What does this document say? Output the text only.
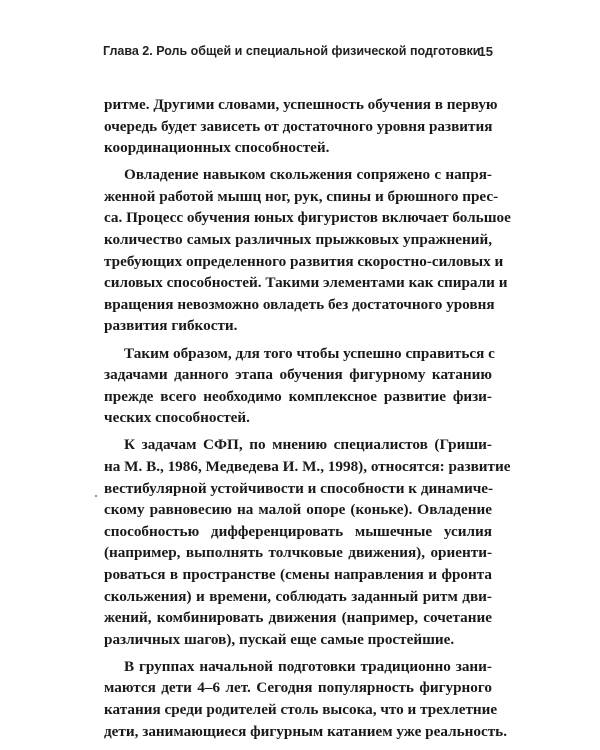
Глава 2. Роль общей и специальной физической подготовки
15
ритме. Другими словами, успешность обучения в первую
очередь будет зависеть от достаточного уровня развития
координационных способностей.
Овладение навыком скольжения сопряжено с напря-
женной работой мышц ног, рук, спины и брюшного прес-
са. Процесс обучения юных фигуристов включает большое
количество самых различных прыжковых упражнений,
требующих определенного развития скоростно-силовых и
силовых способностей. Такими элементами как спирали и
вращения невозможно овладеть без достаточного уровня
развития гибкости.
Таким образом, для того чтобы успешно справиться с
задачами данного этапа обучения фигурному катанию
прежде всего необходимо комплексное развитие физи-
ческих способностей.
К задачам СФП, по мнению специалистов (Гриши-
на М. В., 1986, Медведева И. М., 1998), относятся: развитие
вестибулярной устойчивости и способности к динамиче-
скому равновесию на малой опоре (коньке). Овладение
способностью дифференцировать мышечные усилия
(например, выполнять толчковые движения), ориенти-
роваться в пространстве (смены направления и фронта
скольжения) и времени, соблюдать заданный ритм дви-
жений, комбинировать движения (например, сочетание
различных шагов), пускай еще самые простейшие.
В группах начальной подготовки традиционно зани-
маются дети 4–6 лет. Сегодня популярность фигурного
катания среди родителей столь высока, что и трехлетние
дети, занимающиеся фигурным катанием уже реальность.
